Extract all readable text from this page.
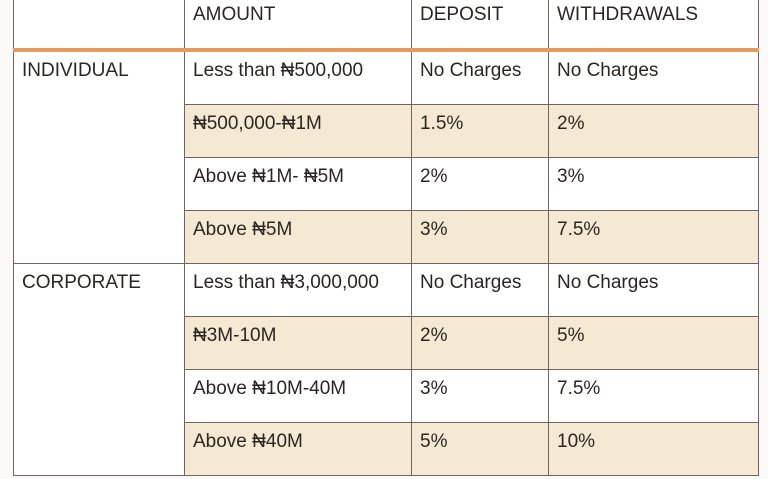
	AMOUNT	DEPOSIT	WITHDRAWALS
INDIVIDUAL	Less than ₦500,000	No Charges	No Charges
	₦500,000-₦1M	1.5%	2%
	Above ₦1M- ₦5M	2%	3%
	Above ₦5M	3%	7.5%
CORPORATE	Less than ₦3,000,000	No Charges	No Charges
	₦3M-10M	2%	5%
	Above ₦10M-40M	3%	7.5%
	Above ₦40M	5%	10%
